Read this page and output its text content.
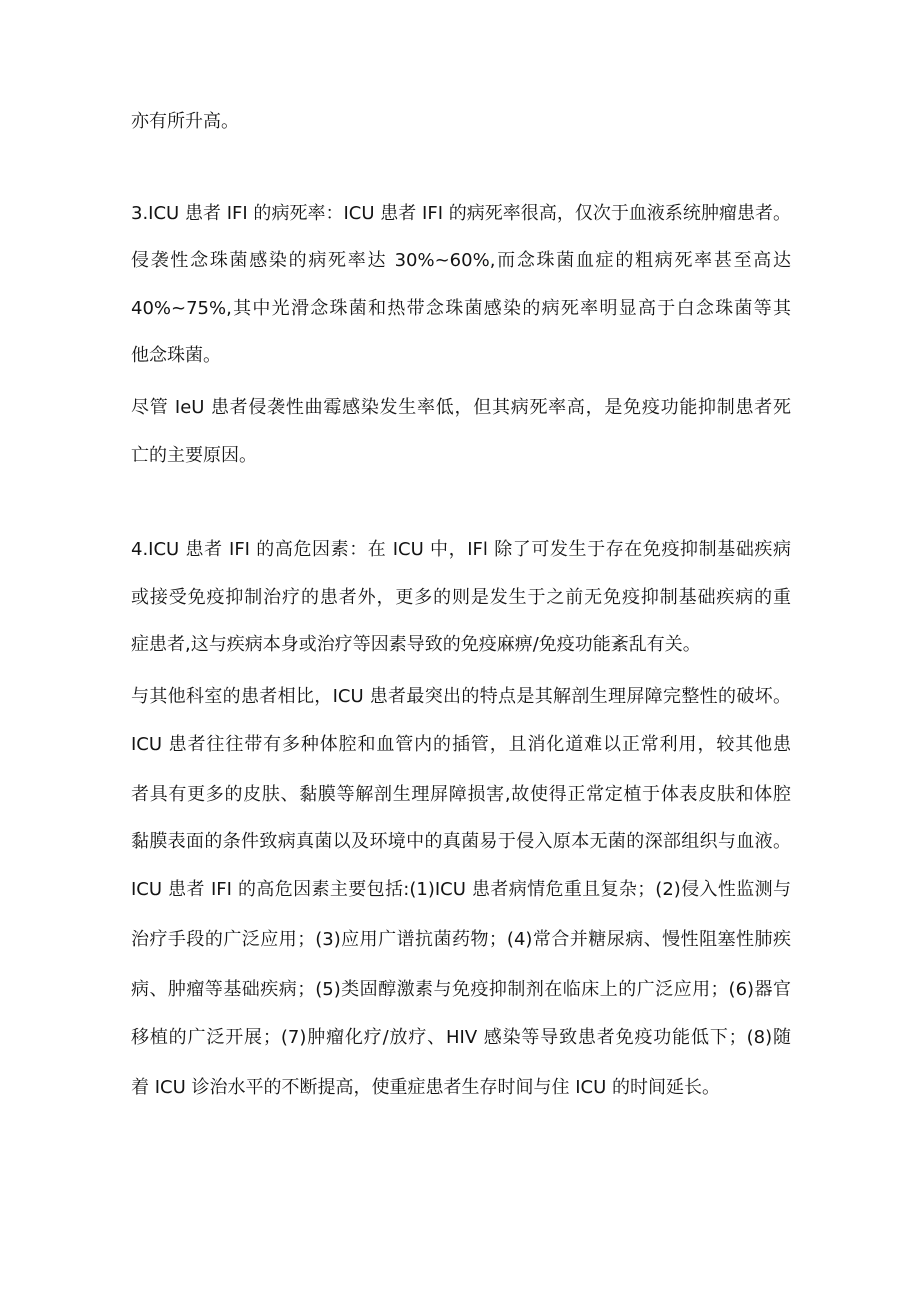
亦有所升高。
3.ICU 患者 IFI 的病死率：ICU 患者 IFI 的病死率很高，仅次于血液系统肿瘤患者。
侵袭性念珠菌感染的病死率达 30%~60%,而念珠菌血症的粗病死率甚至高达
40%~75%,其中光滑念珠菌和热带念珠菌感染的病死率明显高于白念珠菌等其
他念珠菌。
尽管 IeU 患者侵袭性曲霉感染发生率低，但其病死率高，是免疫功能抑制患者死
亡的主要原因。
4.ICU 患者 IFI 的高危因素：在 ICU 中，IFl 除了可发生于存在免疫抑制基础疾病
或接受免疫抑制治疗的患者外，更多的则是发生于之前无免疫抑制基础疾病的重
症患者,这与疾病本身或治疗等因素导致的免疫麻痹/免疫功能紊乱有关。
与其他科室的患者相比，ICU 患者最突出的特点是其解剖生理屏障完整性的破坏。
ICU 患者往往带有多种体腔和血管内的插管，且消化道难以正常利用，较其他患
者具有更多的皮肤、黏膜等解剖生理屏障损害,故使得正常定植于体表皮肤和体腔
黏膜表面的条件致病真菌以及环境中的真菌易于侵入原本无菌的深部组织与血液。
ICU 患者 IFI 的高危因素主要包括:(1)ICU 患者病情危重且复杂；(2)侵入性监测与
治疗手段的广泛应用；(3)应用广谱抗菌药物；(4)常合并糖尿病、慢性阻塞性肺疾
病、肿瘤等基础疾病；(5)类固醇激素与免疫抑制剂在临床上的广泛应用；(6)器官
移植的广泛开展；(7)肿瘤化疗/放疗、HIV 感染等导致患者免疫功能低下；(8)随
着 ICU 诊治水平的不断提高，使重症患者生存时间与住 ICU 的时间延长。
